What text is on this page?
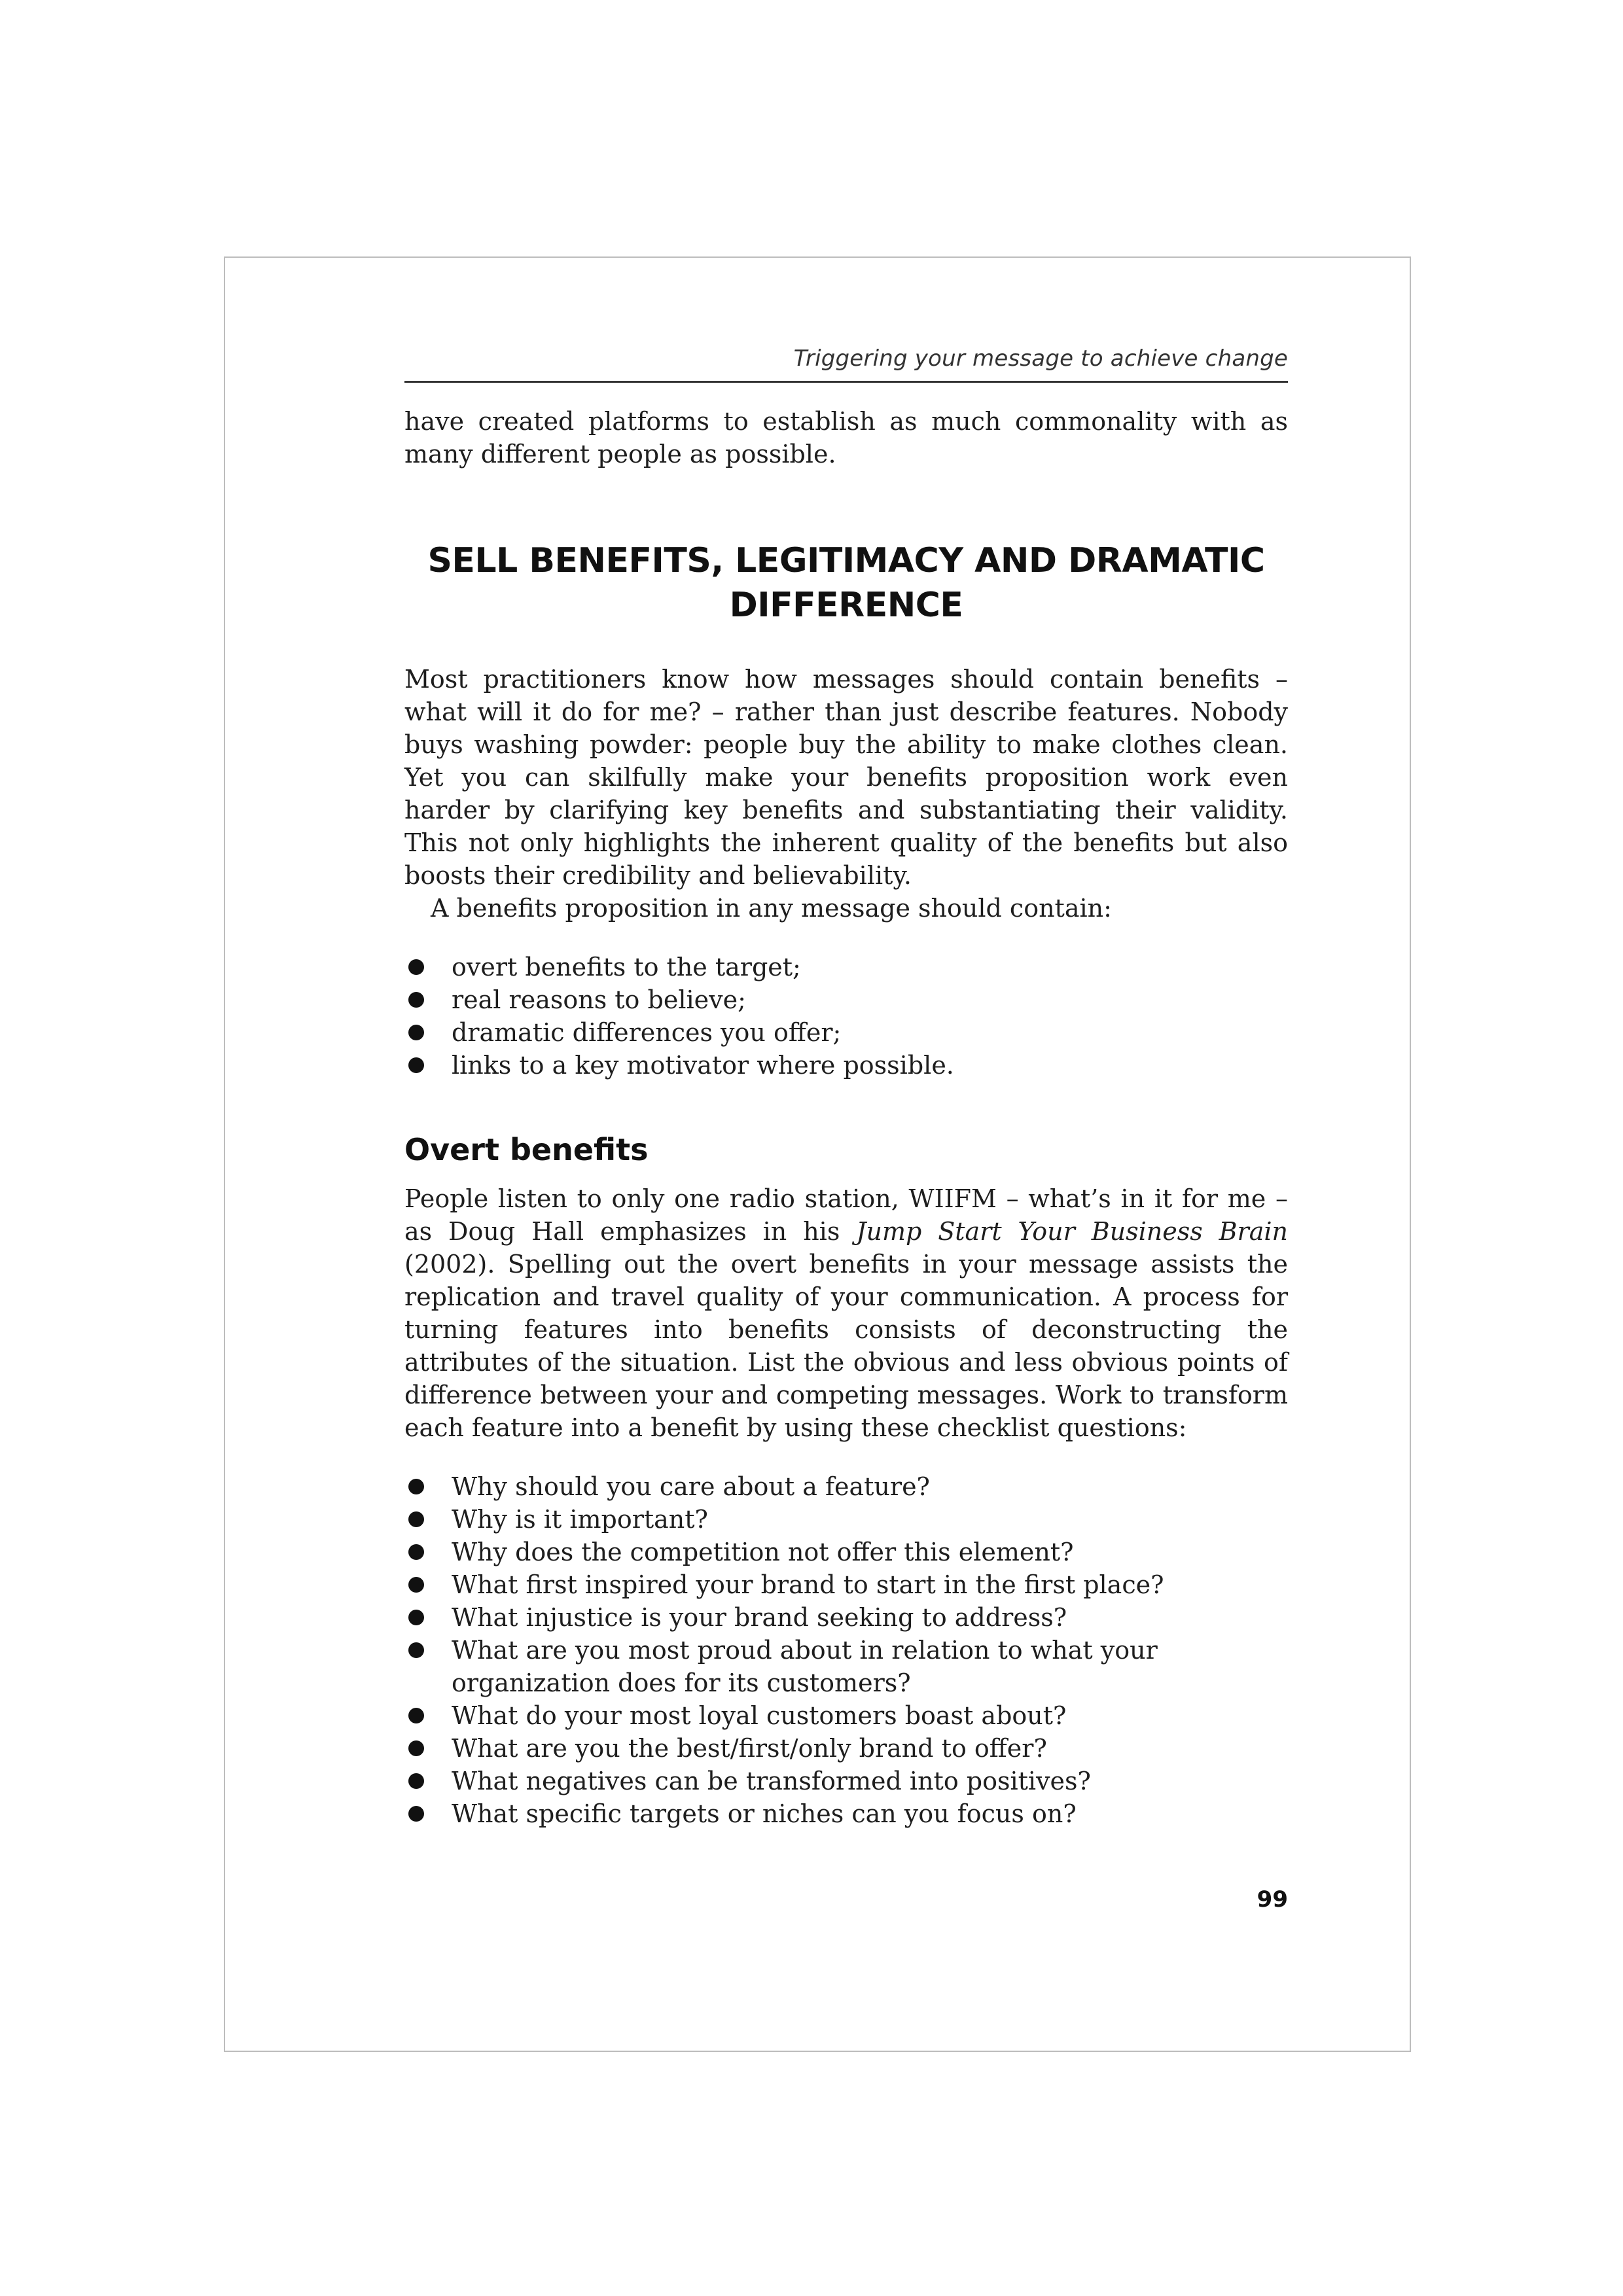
Triggering your message to achieve change

have created platforms to establish as much commonality with as many different people as possible.

SELL BENEFITS, LEGITIMACY AND DRAMATIC
DIFFERENCE

Most practitioners know how messages should contain benefits – what will it do for me? – rather than just describe features. Nobody buys washing powder: people buy the ability to make clothes clean. Yet you can skilfully make your benefits proposition work even harder by clarifying key benefits and substantiating their validity. This not only highlights the inherent quality of the benefits but also boosts their credibility and believability.

A benefits proposition in any message should contain:

overt benefits to the target;
real reasons to believe;
dramatic differences you offer;
links to a key motivator where possible.
Overt benefits

People listen to only one radio station, WIIFM – what’s in it for me – as Doug Hall emphasizes in his Jump Start Your Business Brain (2002). Spelling out the overt benefits in your message assists the replication and travel quality of your communication. A process for turning features into benefits consists of deconstructing the attributes of the situation. List the obvious and less obvious points of difference between your and competing messages. Work to transform each feature into a benefit by using these checklist questions:

Why should you care about a feature?
Why is it important?
Why does the competition not offer this element?
What first inspired your brand to start in the first place?
What injustice is your brand seeking to address?
What are you most proud about in relation to what your organization does for its customers?
What do your most loyal customers boast about?
What are you the best/first/only brand to offer?
What negatives can be transformed into positives?
What specific targets or niches can you focus on?
99
